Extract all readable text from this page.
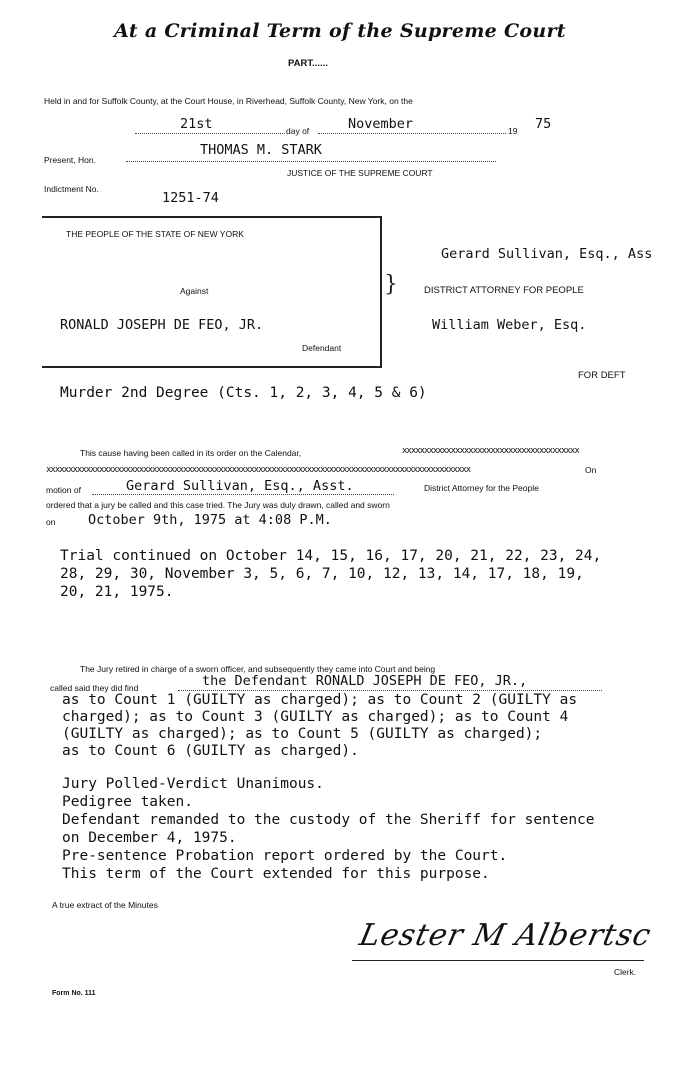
At a Criminal Term of the Supreme Court
PART......
Held in and for Suffolk County, at the Court House, in Riverhead, Suffolk County, New York, on the
21st	day of	November	19 75
Present, Hon.
THOMAS M. STARK
JUSTICE OF THE SUPREME COURT
Indictment No.
1251-74
}
THE PEOPLE OF THE STATE OF NEW YORK
Against
RONALD JOSEPH DE FEO, JR.
Defendant
Gerard Sullivan, Esq., Ass
DISTRICT ATTORNEY FOR PEOPLE
William Weber, Esq.
FOR DEFT
Murder 2nd Degree (Cts. 1, 2, 3, 4, 5 & 6)
This cause having been called in its order on the Calendar,	xxxxxxxxxxxxxxxxxxxxxxxxxxxxxxxxxxxxxxxx
xxxxxxxxxxxxxxxxxxxxxxxxxxxxxxxxxxxxxxxxxxxxxxxxxxxxxxxxxxxxxxxxxxxxxxxxxxxxxxxxxxxxxxxxxxxxxxxx	On
motion of	Gerard Sullivan, Esq., Asst.	District Attorney for the People
ordered that a jury be called and this case tried. The Jury was duly drawn, called and sworn
on October 9th, 1975 at 4:08 P.M.
Trial continued on October 14, 15, 16, 17, 20, 21, 22, 23, 24,
28, 29, 30, November 3, 5, 6, 7, 10, 12, 13, 14, 17, 18, 19,
20, 21, 1975.
The Jury retired in charge of a sworn officer, and subsequently they came into Court and being
called said they did find	the Defendant RONALD JOSEPH DE FEO, JR.,
as to Count 1 (GUILTY as charged); as to Count 2 (GUILTY as
charged); as to Count 3 (GUILTY as charged); as to Count 4
(GUILTY as charged); as to Count 5 (GUILTY as charged);
as to Count 6 (GUILTY as charged).
Jury Polled-Verdict Unanimous.
Pedigree taken.
Defendant remanded to the custody of the Sheriff for sentence
on December 4, 1975.
Pre-sentence Probation report ordered by the Court.
This term of the Court extended for this purpose.
A true extract of the Minutes
Lester M Albertsc
Clerk.
Form No. 111
